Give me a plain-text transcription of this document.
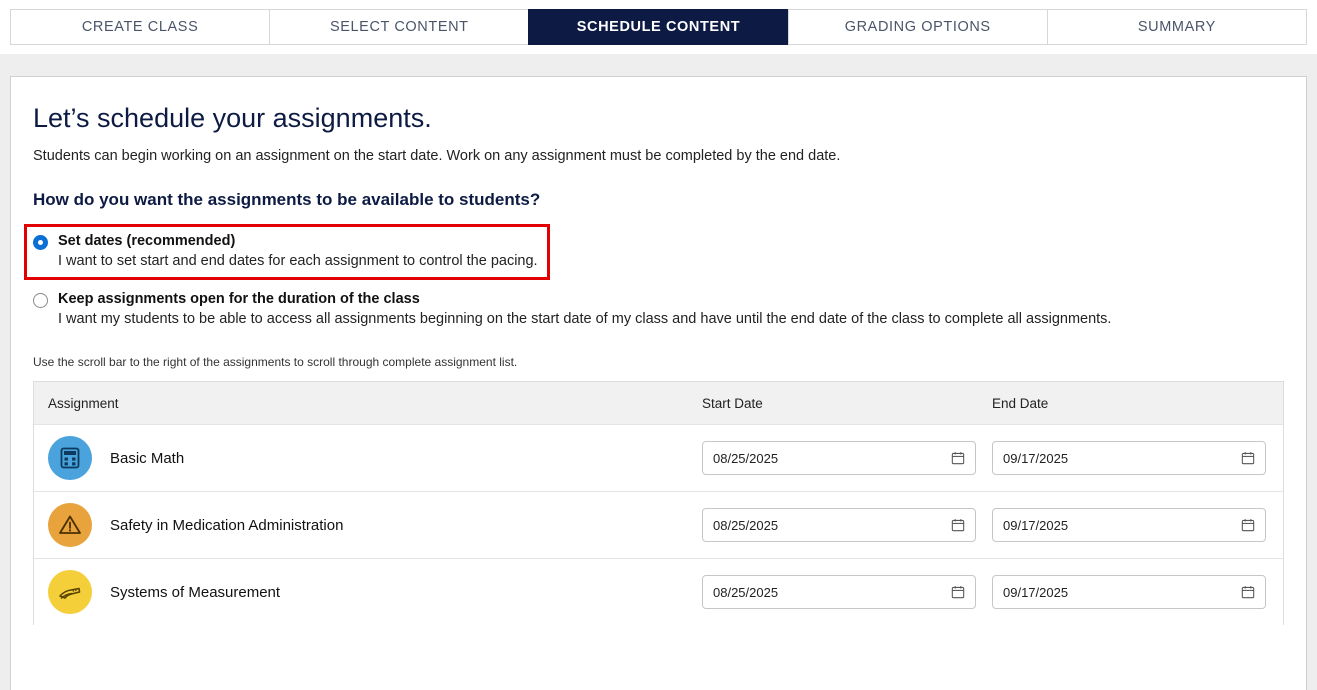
CREATE CLASS	SELECT CONTENT	SCHEDULE CONTENT	GRADING OPTIONS	SUMMARY
Let’s schedule your assignments.

Students can begin working on an assignment on the start date. Work on any assignment must be completed by the end date.

How do you want the assignments to be available to students?
Set dates (recommended)
I want to set start and end dates for each assignment to control the pacing.
Keep assignments open for the duration of the class
I want my students to be able to access all assignments beginning on the start date of my class and have until the end date of the class to complete all assignments.

Use the scroll bar to the right of the assignments to scroll through complete assignment list.

Assignment	Start Date	End Date
Basic Math	08/25/2025	09/17/2025
Safety in Medication Administration	08/25/2025	09/17/2025
Systems of Measurement	08/25/2025	09/17/2025
